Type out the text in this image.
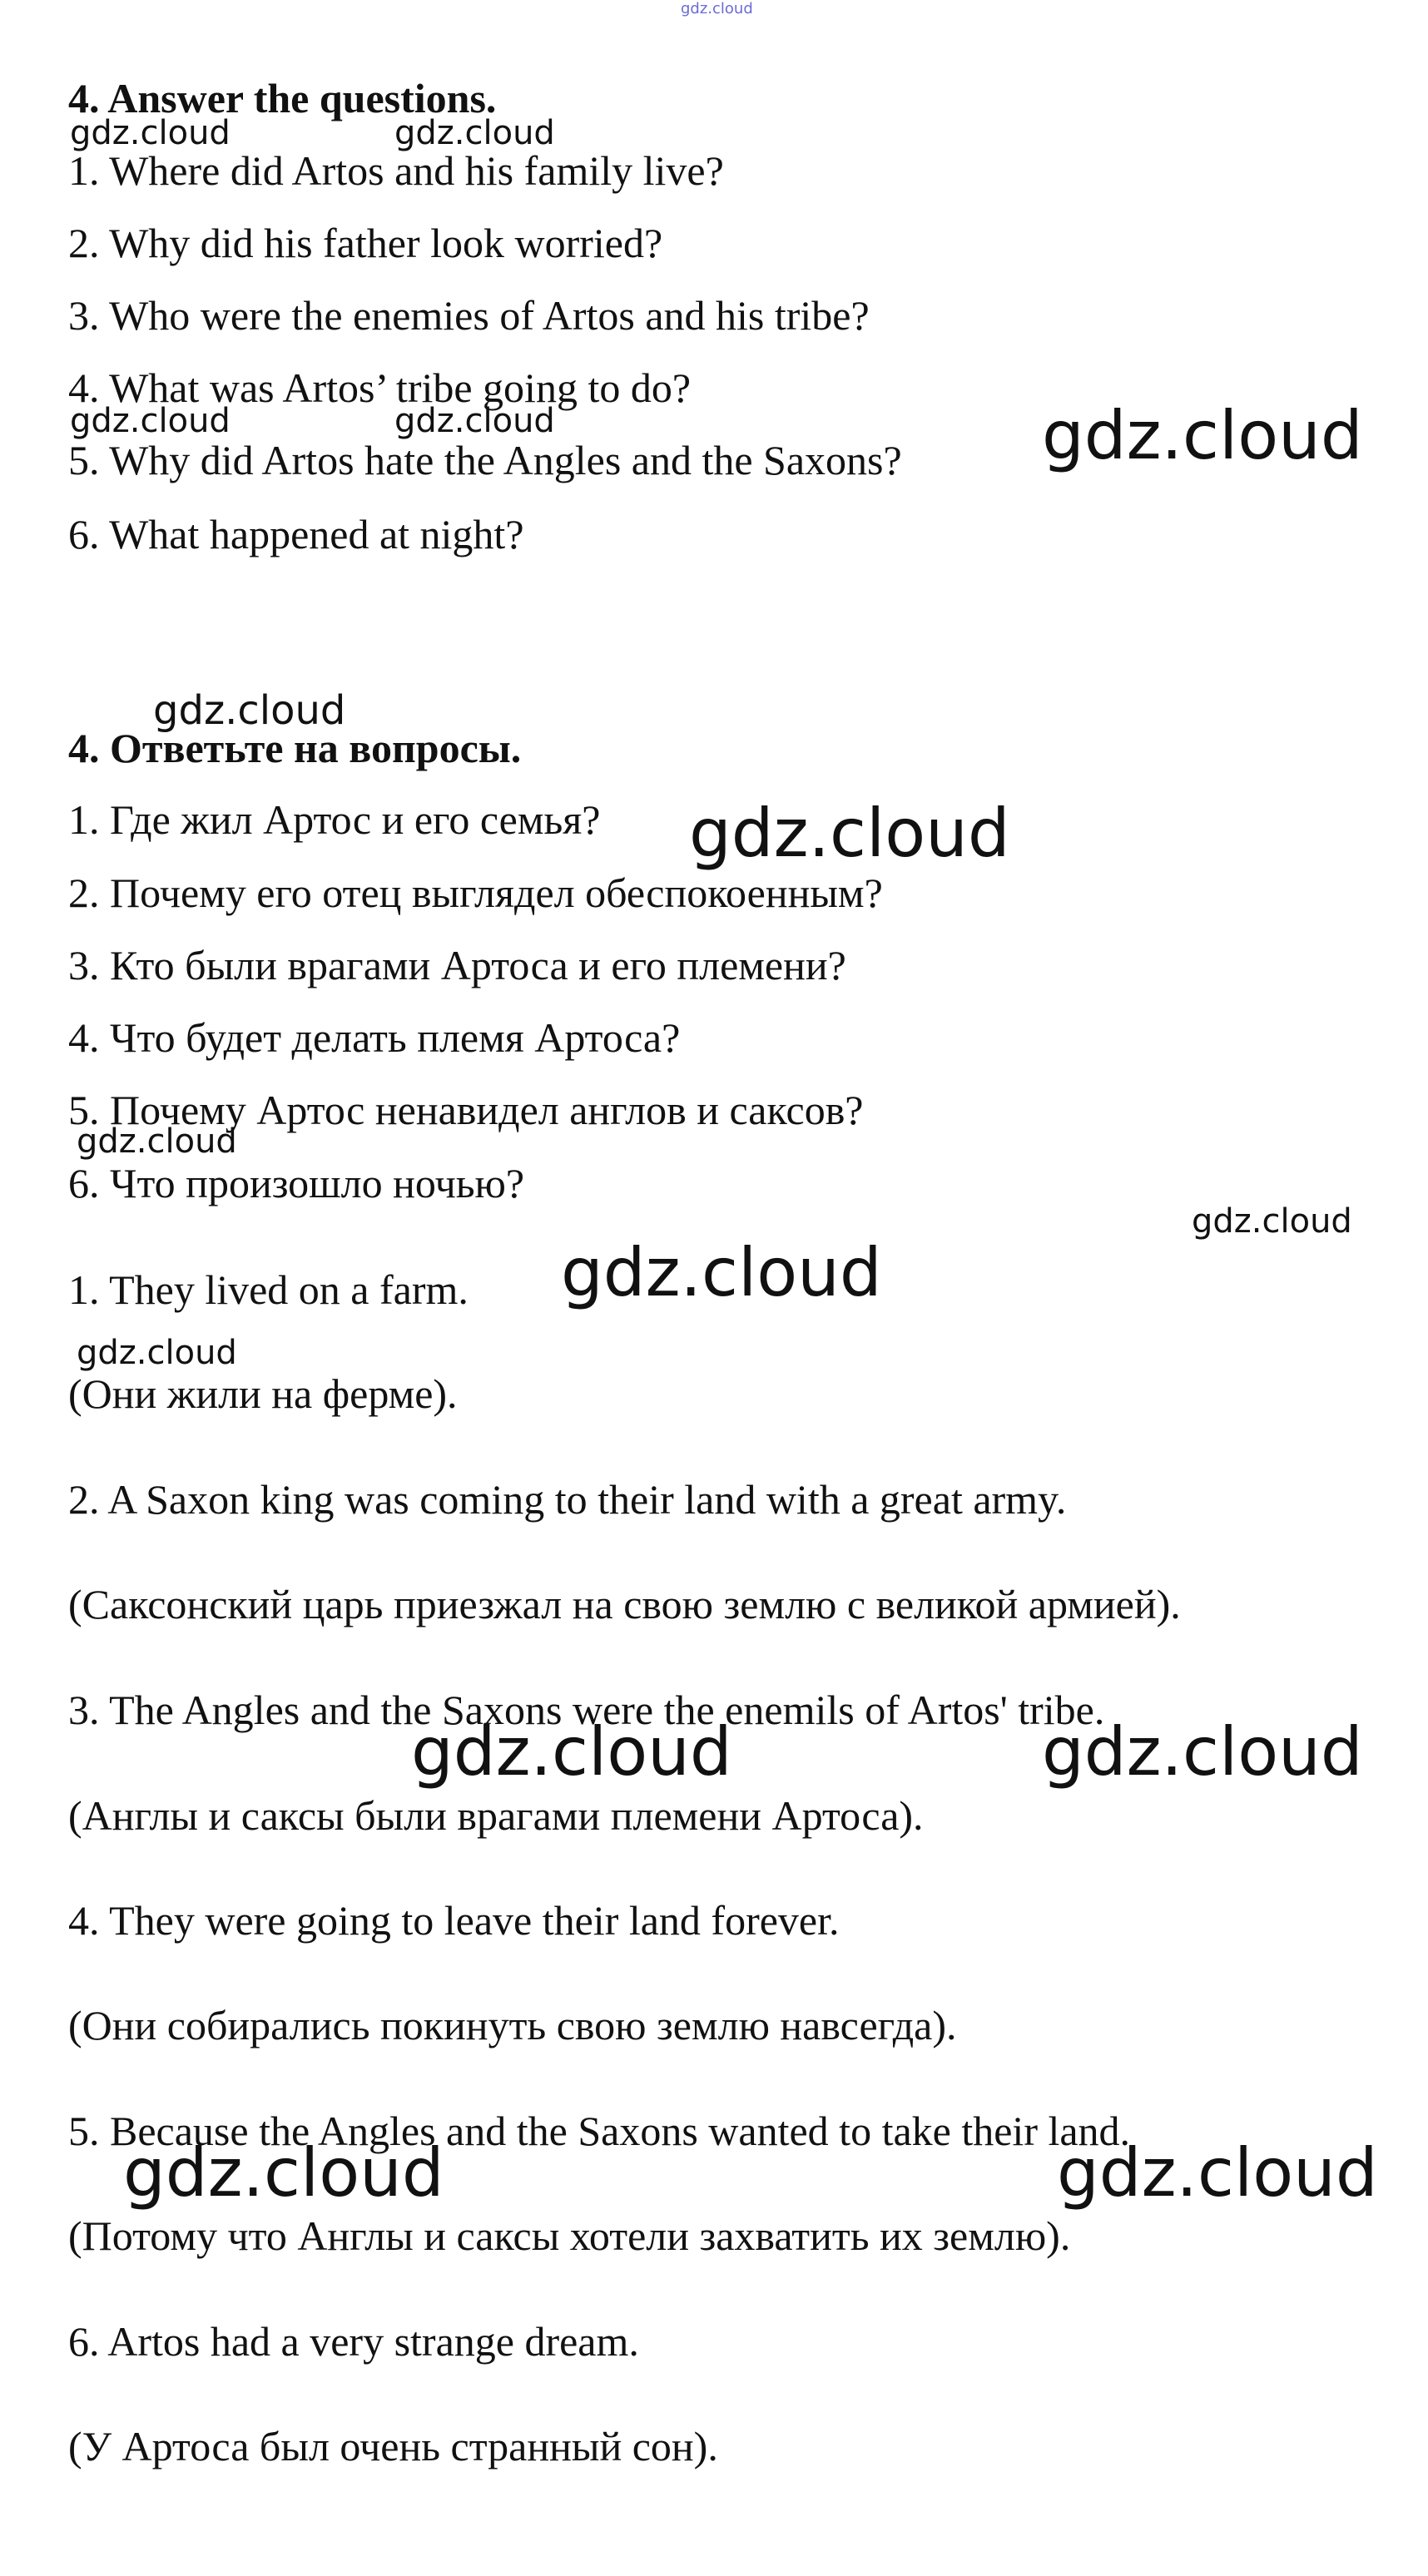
4. Answer the questions.
1. Where did Artos and his family live?
2. Why did his father look worried?
3. Who were the enemies of Artos and his tribe?
4. What was Artos’ tribe going to do?
5. Why did Artos hate the Angles and the Saxons?
6. What happened at night?
4. Ответьте на вопросы.
1. Где жил Артос и его семья?
2. Почему его отец выглядел обеспокоенным?
3. Кто были врагами Артоса и его племени?
4. Что будет делать племя Артоса?
5. Почему Артос ненавидел англов и саксов?
6. Что произошло ночью?
1. They lived on a farm.
(Они жили на ферме).
2. A Saxon king was coming to their land with a great army.
(Саксонский царь приезжал на свою землю с великой армией).
3. The Angles and the Saxons were the enemils of Artos' tribe.
(Англы и саксы были врагами племени Артоса).
4. They were going to leave their land forever.
(Они собирались покинуть свою землю навсегда).
5. Because the Angles and the Saxons wanted to take their land.
(Потому что Англы и саксы хотели захватить их землю).
6. Artos had a very strange dream.
(У Артоса был очень странный сон).
gdz.cloud
gdz.cloud	gdz.cloud
gdz.cloud	gdz.cloud	gdz.cloud
gdz.cloud
gdz.cloud
gdz.cloud
gdz.cloud
gdz.cloud
gdz.cloud
gdz.cloud	gdz.cloud
gdz.cloud	gdz.cloud
